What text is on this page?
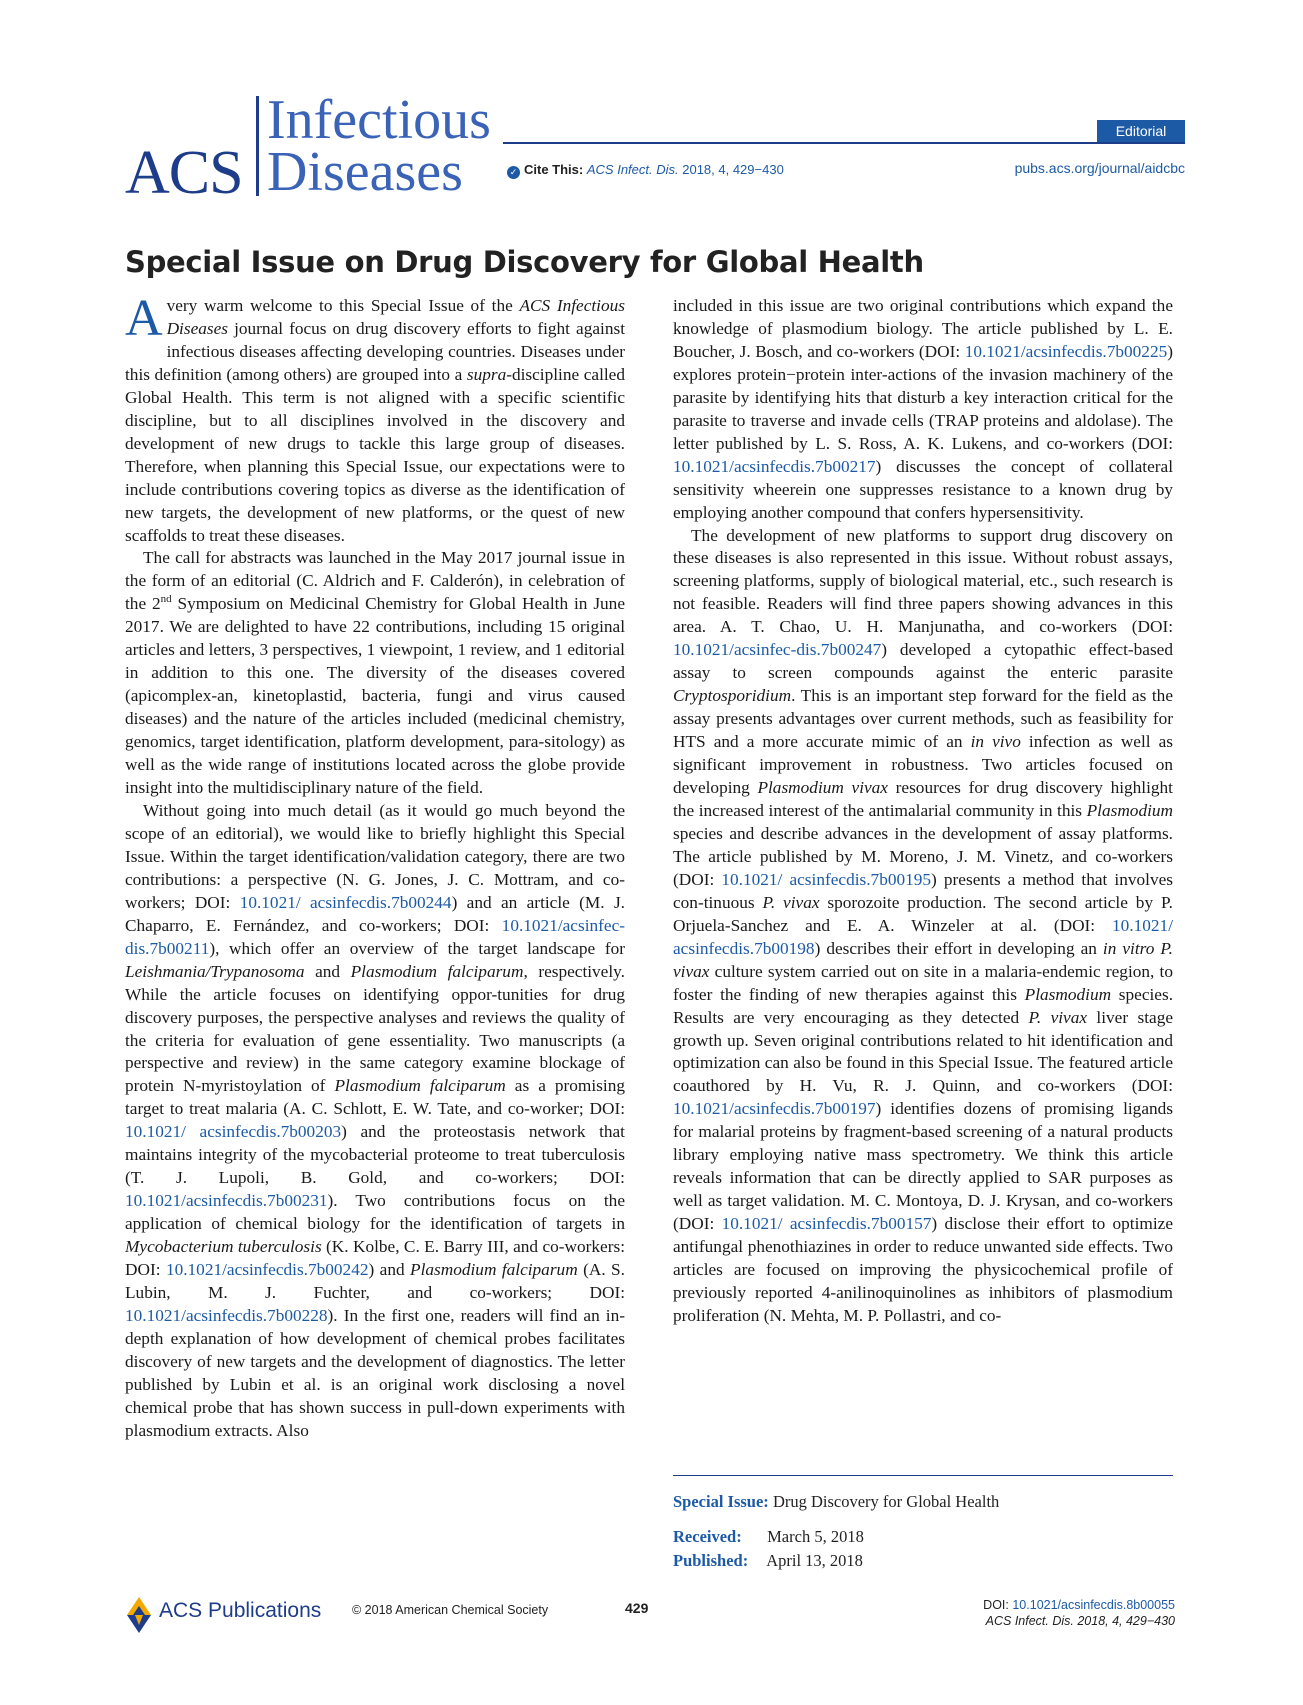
ACS
Infectious
Diseases
Editorial
✓ Cite This: ACS Infect. Dis. 2018, 4, 429−430	pubs.acs.org/journal/aidcbc
Special Issue on Drug Discovery for Global Health

Avery warm welcome to this Special Issue of the ACS Infectious Diseases journal focus on drug discovery efforts to fight against infectious diseases affecting developing countries. Diseases under this definition (among others) are grouped into a supra-discipline called Global Health. This term is not aligned with a specific scientific discipline, but to all disciplines involved in the discovery and development of new drugs to tackle this large group of diseases. Therefore, when planning this Special Issue, our expectations were to include contributions covering topics as diverse as the identification of new targets, the development of new platforms, or the quest of new scaffolds to treat these diseases.

The call for abstracts was launched in the May 2017 journal issue in the form of an editorial (C. Aldrich and F. Calderón), in celebration of the 2nd Symposium on Medicinal Chemistry for Global Health in June 2017. We are delighted to have 22 contributions, including 15 original articles and letters, 3 perspectives, 1 viewpoint, 1 review, and 1 editorial in addition to this one. The diversity of the diseases covered (apicomplex-an, kinetoplastid, bacteria, fungi and virus caused diseases) and the nature of the articles included (medicinal chemistry, genomics, target identification, platform development, para-sitology) as well as the wide range of institutions located across the globe provide insight into the multidisciplinary nature of the field.

Without going into much detail (as it would go much beyond the scope of an editorial), we would like to briefly highlight this Special Issue. Within the target identification/validation category, there are two contributions: a perspective (N. G. Jones, J. C. Mottram, and co-workers; DOI: 10.1021/ acsinfecdis.7b00244) and an article (M. J. Chaparro, E. Fernández, and co-workers; DOI: 10.1021/acsinfec-dis.7b00211), which offer an overview of the target landscape for Leishmania/Trypanosoma and Plasmodium falciparum, respectively. While the article focuses on identifying oppor-tunities for drug discovery purposes, the perspective analyses and reviews the quality of the criteria for evaluation of gene essentiality. Two manuscripts (a perspective and review) in the same category examine blockage of protein N-myristoylation of Plasmodium falciparum as a promising target to treat malaria (A. C. Schlott, E. W. Tate, and co-worker; DOI: 10.1021/ acsinfecdis.7b00203) and the proteostasis network that maintains integrity of the mycobacterial proteome to treat tuberculosis (T. J. Lupoli, B. Gold, and co-workers; DOI: 10.1021/acsinfecdis.7b00231). Two contributions focus on the application of chemical biology for the identification of targets in Mycobacterium tuberculosis (K. Kolbe, C. E. Barry III, and co-workers: DOI: 10.1021/acsinfecdis.7b00242) and Plasmodium falciparum (A. S. Lubin, M. J. Fuchter, and co-workers; DOI: 10.1021/acsinfecdis.7b00228). In the first one, readers will find an in-depth explanation of how development of chemical probes facilitates discovery of new targets and the development of diagnostics. The letter published by Lubin et al. is an original work disclosing a novel chemical probe that has shown success in pull-down experiments with plasmodium extracts. Also

included in this issue are two original contributions which expand the knowledge of plasmodium biology. The article published by L. E. Boucher, J. Bosch, and co-workers (DOI: 10.1021/acsinfecdis.7b00225) explores protein−protein inter-actions of the invasion machinery of the parasite by identifying hits that disturb a key interaction critical for the parasite to traverse and invade cells (TRAP proteins and aldolase). The letter published by L. S. Ross, A. K. Lukens, and co-workers (DOI: 10.1021/acsinfecdis.7b00217) discusses the concept of collateral sensitivity wheerein one suppresses resistance to a known drug by employing another compound that confers hypersensitivity.

The development of new platforms to support drug discovery on these diseases is also represented in this issue. Without robust assays, screening platforms, supply of biological material, etc., such research is not feasible. Readers will find three papers showing advances in this area. A. T. Chao, U. H. Manjunatha, and co-workers (DOI: 10.1021/acsinfec-dis.7b00247) developed a cytopathic effect-based assay to screen compounds against the enteric parasite Cryptosporidium. This is an important step forward for the field as the assay presents advantages over current methods, such as feasibility for HTS and a more accurate mimic of an in vivo infection as well as significant improvement in robustness. Two articles focused on developing Plasmodium vivax resources for drug discovery highlight the increased interest of the antimalarial community in this Plasmodium species and describe advances in the development of assay platforms. The article published by M. Moreno, J. M. Vinetz, and co-workers (DOI: 10.1021/ acsinfecdis.7b00195) presents a method that involves con-tinuous P. vivax sporozoite production. The second article by P. Orjuela-Sanchez and E. A. Winzeler at al. (DOI: 10.1021/ acsinfecdis.7b00198) describes their effort in developing an in vitro P. vivax culture system carried out on site in a malaria-endemic region, to foster the finding of new therapies against this Plasmodium species. Results are very encouraging as they detected P. vivax liver stage growth up. Seven original contributions related to hit identification and optimization can also be found in this Special Issue. The featured article coauthored by H. Vu, R. J. Quinn, and co-workers (DOI: 10.1021/acsinfecdis.7b00197) identifies dozens of promising ligands for malarial proteins by fragment-based screening of a natural products library employing native mass spectrometry. We think this article reveals information that can be directly applied to SAR purposes as well as target validation. M. C. Montoya, D. J. Krysan, and co-workers (DOI: 10.1021/ acsinfecdis.7b00157) disclose their effort to optimize antifungal phenothiazines in order to reduce unwanted side effects. Two articles are focused on improving the physicochemical profile of previously reported 4-anilinoquinolines as inhibitors of plasmodium proliferation (N. Mehta, M. P. Pollastri, and co-

Special Issue: Drug Discovery for Global Health
Received: March 5, 2018
Published: April 13, 2018
ACS Publications © 2018 American Chemical Society	429	DOI: 10.1021/acsinfecdis.8b00055
ACS Infect. Dis. 2018, 4, 429−430
